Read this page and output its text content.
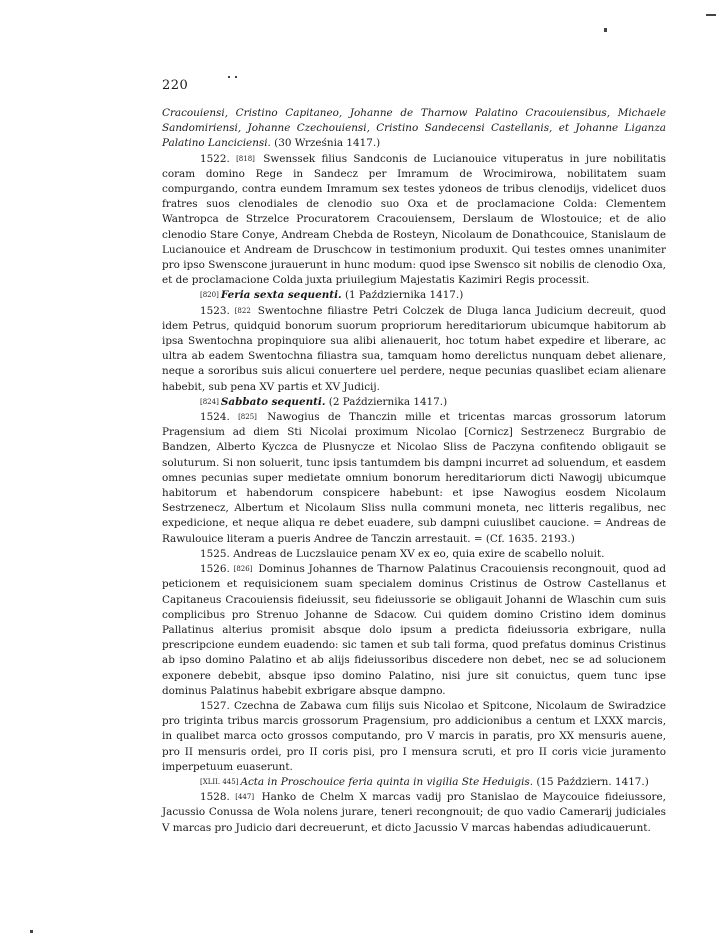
220

Cracouiensi, Cristino Capitaneo, Johanne de Tharnow Palatino Cracouiensibus, Michaele Sandomiriensi, Johanne Czechouiensi, Cristino Sandecensi Castellanis, et Johanne Liganza Palatino Lanciciensi. (30 Września 1417.)

1522. [818] Swenssek filius Sandconis de Lucianouice vituperatus in jure nobilitatis coram domino Rege in Sandecz per Imramum de Wrocimirowa, nobilitatem suam compurgando, contra eundem Imramum sex testes ydoneos de tribus clenodijs, videlicet duos fratres suos clenodiales de clenodio suo Oxa et de proclamacione Colda: Clementem Wantropca de Strzelce Procuratorem Cracouiensem, Derslaum de Wlostouice; et de alio clenodio Stare Conye, Andream Chebda de Rosteyn, Nicolaum de Donathcouice, Stanislaum de Lucianouice et Andream de Druschcow in testimonium produxit. Qui testes omnes unanimiter pro ipso Swenscone jurauerunt in hunc modum: quod ipse Swensco sit nobilis de clenodio Oxa, et de proclamacione Colda juxta priuilegium Majestatis Kazimiri Regis processit.

[820] Feria sexta sequenti. (1 Października 1417.)

1523. [822 Swentochne filiastre Petri Colczek de Dluga lanca Judicium decreuit, quod idem Petrus, quidquid bonorum suorum propriorum hereditariorum ubicumque habitorum ab ipsa Swentochna propinquiore sua alibi alienauerit, hoc totum habet expedire et liberare, ac ultra ab eadem Swentochna filiastra sua, tamquam homo derelictus nunquam debet alienare, neque a sororibus suis alicui conuertere uel perdere, neque pecunias quaslibet eciam alienare habebit, sub pena XV partis et XV Judicij.

[824] Sabbato sequenti. (2 Października 1417.)

1524. [825] Nawogius de Thanczin mille et tricentas marcas grossorum latorum Pragensium ad diem Sti Nicolai proximum Nicolao [Cornicz] Sestrzenecz Burgrabio de Bandzen, Alberto Kyczca de Plusnycze et Nicolao Sliss de Paczyna confitendo obligauit se soluturum. Si non soluerit, tunc ipsis tantumdem bis dampni incurret ad soluendum, et easdem omnes pecunias super medietate omnium bonorum hereditariorum dicti Nawogij ubicumque habitorum et habendorum conspicere habebunt: et ipse Nawogius eosdem Nicolaum Sestrzenecz, Albertum et Nicolaum Sliss nulla communi moneta, nec litteris regalibus, nec expedicione, et neque aliqua re debet euadere, sub dampni cuiuslibet caucione. = Andreas de Rawulouice literam a pueris Andree de Tanczin arrestauit. = (Cf. 1635. 2193.)

1525. Andreas de Luczslauice penam XV ex eo, quia exire de scabello noluit.

1526. [826] Dominus Johannes de Tharnow Palatinus Cracouiensis recongnouit, quod ad peticionem et requisicionem suam specialem dominus Cristinus de Ostrow Castellanus et Capitaneus Cracouiensis fideiussit, seu fideiussorie se obligauit Johanni de Wlaschin cum suis complicibus pro Strenuo Johanne de Sdacow. Cui quidem domino Cristino idem dominus Pallatinus alterius promisit absque dolo ipsum a predicta fideiussoria exbrigare, nulla prescripcione eundem euadendo: sic tamen et sub tali forma, quod prefatus dominus Cristinus ab ipso domino Palatino et ab alijs fideiussoribus discedere non debet, nec se ad solucionem exponere debebit, absque ipso domino Palatino, nisi jure sit conuictus, quem tunc ipse dominus Palatinus habebit exbrigare absque dampno.

1527. Czechna de Zabawa cum filijs suis Nicolao et Spitcone, Nicolaum de Swiradzice pro triginta tribus marcis grossorum Pragensium, pro addicionibus a centum et LXXX marcis, in qualibet marca octo grossos computando, pro V marcis in paratis, pro XX mensuris auene, pro II mensuris ordei, pro II coris pisi, pro I mensura scruti, et pro II coris vicie juramento imperpetuum euaserunt.

[XLII. 445] Acta in Proschouice feria quinta in vigilia Ste Heduigis. (15 Październ. 1417.)

1528. [447] Hanko de Chelm X marcas vadij pro Stanislao de Maycouice fideiussore, Jacussio Conussa de Wola nolens jurare, teneri recongnouit; de quo vadio Camerarij judiciales V marcas pro Judicio dari decreuerunt, et dicto Jacussio V marcas habendas adiudicauerunt.
